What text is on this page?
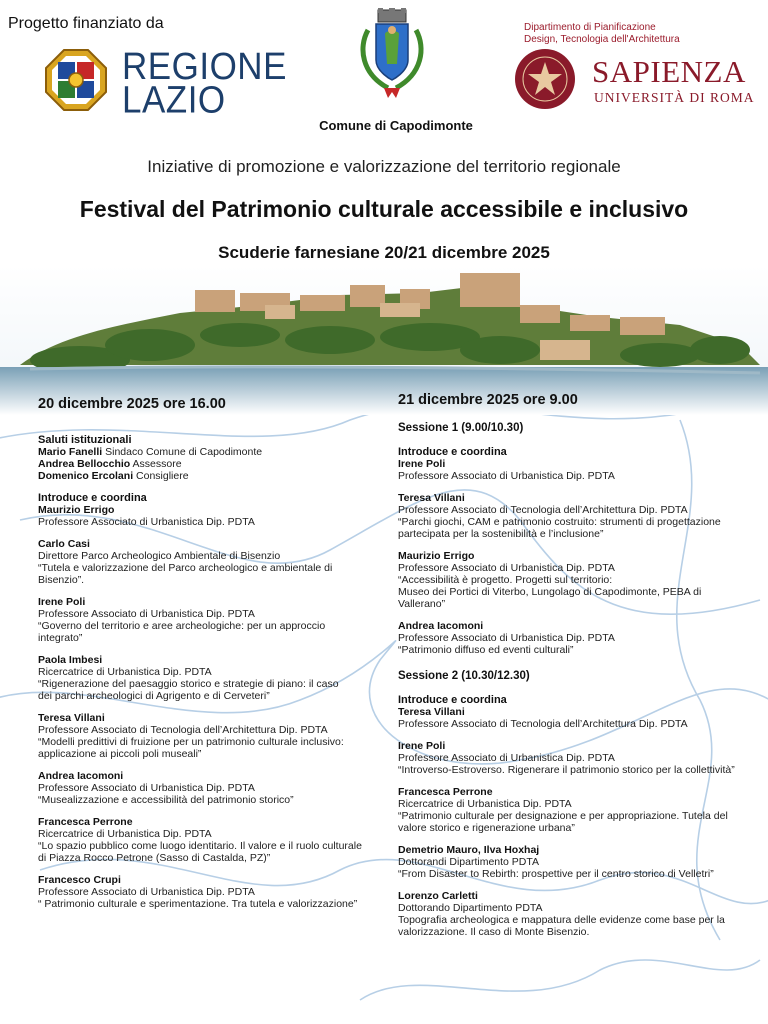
Progetto finanziato da
REGIONE
LAZIO
Comune di Capodimonte
Dipartimento di Pianificazione
Design, Tecnologia dell'Architettura
SAPIENZA
UNIVERSITÀ DI ROMA
Iniziative di promozione e valorizzazione del territorio regionale
Festival del Patrimonio culturale accessibile e inclusivo
Scuderie farnesiane 20/21 dicembre 2025
20 dicembre 2025 ore 16.00
Saluti istituzionali
Mario Fanelli Sindaco Comune di Capodimonte
Andrea Bellocchio Assessore
Domenico Ercolani Consigliere
Introduce e coordina
Maurizio Errigo
Professore Associato di Urbanistica Dip. PDTA
Carlo Casi
Direttore Parco Archeologico Ambientale di Bisenzio
“Tutela e valorizzazione del Parco archeologico e ambientale di
Bisenzio”.
Irene Poli
Professore Associato di Urbanistica Dip. PDTA
“Governo del territorio e aree archeologiche: per un approccio
integrato”
Paola Imbesi
Ricercatrice di Urbanistica Dip. PDTA
“Rigenerazione del paesaggio storico e strategie di piano: il caso
dei parchi archeologici di Agrigento e di Cerveteri”
Teresa Villani
Professore Associato di Tecnologia dell’Architettura Dip. PDTA
“Modelli predittivi di fruizione per un patrimonio culturale inclusivo:
applicazione ai piccoli poli museali”
Andrea Iacomoni
Professore Associato di Urbanistica Dip. PDTA
“Musealizzazione e accessibilità del patrimonio storico”
Francesca Perrone
Ricercatrice di Urbanistica Dip. PDTA
“Lo spazio pubblico come luogo identitario. Il valore e il ruolo culturale
di Piazza Rocco Petrone (Sasso di Castalda, PZ)”
Francesco Crupi
Professore Associato di Urbanistica Dip. PDTA
“ Patrimonio culturale e sperimentazione. Tra tutela e valorizzazione”
21 dicembre 2025 ore 9.00
Sessione 1 (9.00/10.30)
Introduce e coordina
Irene Poli
Professore Associato di Urbanistica Dip. PDTA
Teresa Villani
Professore Associato di Tecnologia dell’Architettura Dip. PDTA
“Parchi giochi, CAM e patrimonio costruito: strumenti di progettazione
partecipata per la sostenibilità e l’inclusione”
Maurizio Errigo
Professore Associato di Urbanistica Dip. PDTA
“Accessibilità è progetto. Progetti sul territorio:
Museo dei Portici di Viterbo, Lungolago di Capodimonte, PEBA di
Vallerano”
Andrea Iacomoni
Professore Associato di Urbanistica Dip. PDTA
“Patrimonio diffuso ed eventi culturali”
Sessione 2 (10.30/12.30)
Introduce e coordina
Teresa Villani
Professore Associato di Tecnologia dell’Architettura Dip. PDTA
Irene Poli
Professore Associato di Urbanistica Dip. PDTA
“Introverso-Estroverso. Rigenerare il patrimonio storico per la collettività”
Francesca Perrone
Ricercatrice di Urbanistica Dip. PDTA
“Patrimonio culturale per designazione e per appropriazione. Tutela del
valore storico e rigenerazione urbana”
Demetrio Mauro, Ilva Hoxhaj
Dottorandi Dipartimento PDTA
“From Disaster to Rebirth: prospettive per il centro storico di Velletri”
Lorenzo Carletti
Dottorando Dipartimento PDTA
Topografia archeologica e mappatura delle evidenze come base per la
valorizzazione. Il caso di Monte Bisenzio.
